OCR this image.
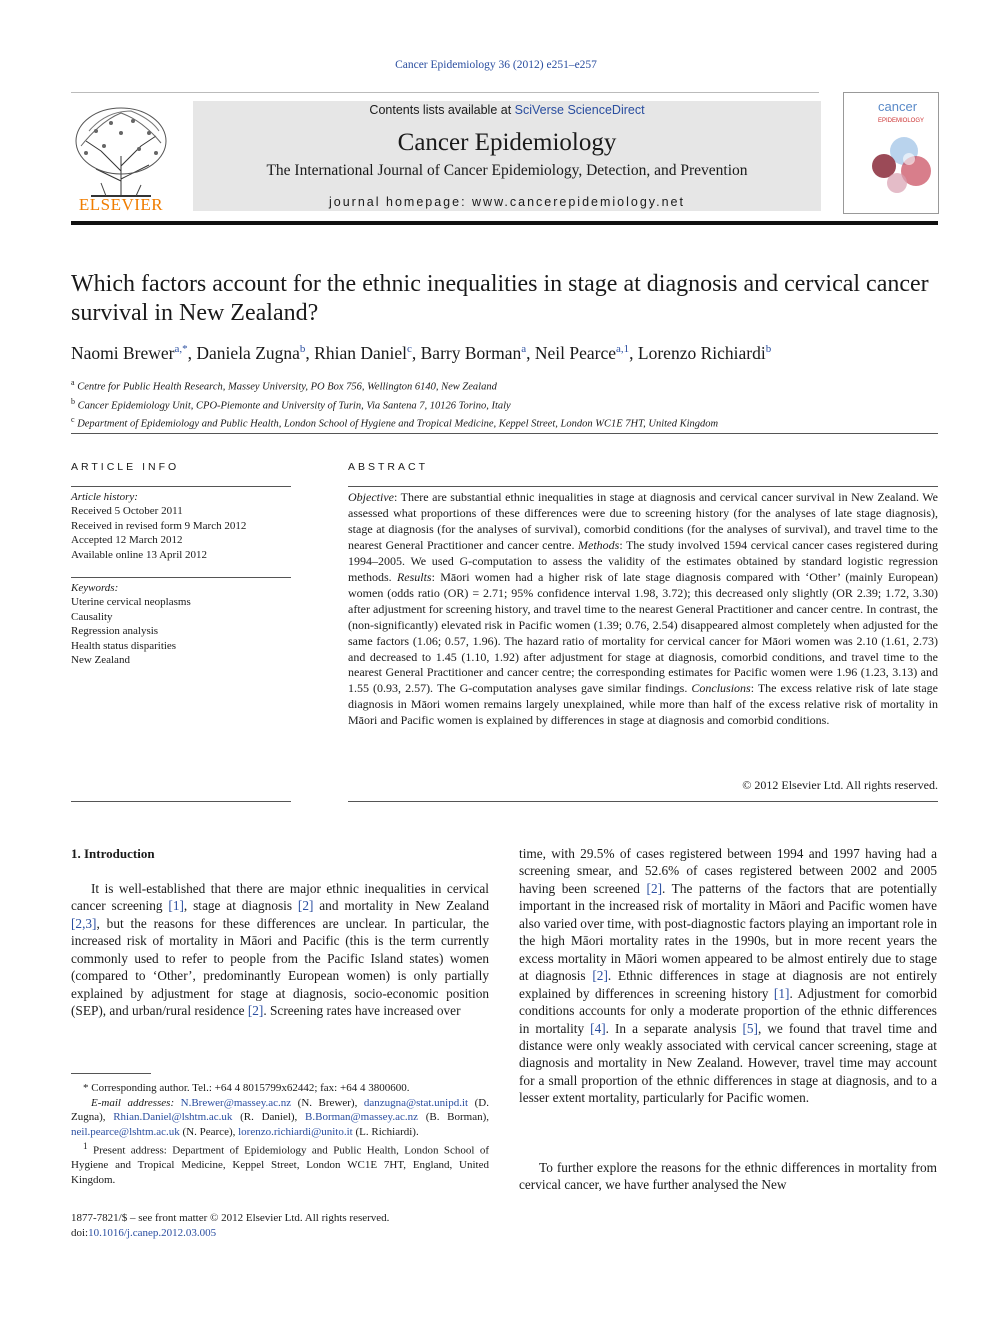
Cancer Epidemiology 36 (2012) e251–e257
ELSEVIER
Contents lists available at SciVerse ScienceDirect
Cancer Epidemiology
The International Journal of Cancer Epidemiology, Detection, and Prevention
journal homepage: www.cancerepidemiology.net
cancer
EPIDEMIOLOGY
Which factors account for the ethnic inequalities in stage at diagnosis and cervical cancer survival in New Zealand?
Naomi Brewer$^{a,*}$, Daniela Zugna$^b$, Rhian Daniel$^c$, Barry Borman$^a$, Neil Pearce$^{a,1}$, Lorenzo Richiardi$^b$
$^a$ Centre for Public Health Research, Massey University, PO Box 756, Wellington 6140, New Zealand
$^b$ Cancer Epidemiology Unit, CPO-Piemonte and University of Turin, Via Santena 7, 10126 Torino, Italy
$^c$ Department of Epidemiology and Public Health, London School of Hygiene and Tropical Medicine, Keppel Street, London WC1E 7HT, United Kingdom
ARTICLE INFO	ABSTRACT
Article history:
Received 5 October 2011
Received in revised form 9 March 2012
Accepted 12 March 2012
Available online 13 April 2012
Keywords:
Uterine cervical neoplasms
Causality
Regression analysis
Health status disparities
New Zealand
Objective: There are substantial ethnic inequalities in stage at diagnosis and cervical cancer survival in New Zealand. We assessed what proportions of these differences were due to screening history (for the analyses of late stage diagnosis), stage at diagnosis (for the analyses of survival), comorbid conditions (for the analyses of survival), and travel time to the nearest General Practitioner and cancer centre. Methods: The study involved 1594 cervical cancer cases registered during 1994–2005. We used G-computation to assess the validity of the estimates obtained by standard logistic regression methods. Results: Māori women had a higher risk of late stage diagnosis compared with ‘Other’ (mainly European) women (odds ratio (OR) = 2.71; 95% confidence interval 1.98, 3.72); this decreased only slightly (OR 2.39; 1.72, 3.30) after adjustment for screening history, and travel time to the nearest General Practitioner and cancer centre. In contrast, the (non-significantly) elevated risk in Pacific women (1.39; 0.76, 2.54) disappeared almost completely when adjusted for the same factors (1.06; 0.57, 1.96). The hazard ratio of mortality for cervical cancer for Māori women was 2.10 (1.61, 2.73) and decreased to 1.45 (1.10, 1.92) after adjustment for stage at diagnosis, comorbid conditions, and travel time to the nearest General Practitioner and cancer centre; the corresponding estimates for Pacific women were 1.96 (1.23, 3.13) and 1.55 (0.93, 2.57). The G-computation analyses gave similar findings. Conclusions: The excess relative risk of late stage diagnosis in Māori women remains largely unexplained, while more than half of the excess relative risk of mortality in Māori and Pacific women is explained by differences in stage at diagnosis and comorbid conditions.
© 2012 Elsevier Ltd. All rights reserved.
1. Introduction
It is well-established that there are major ethnic inequalities in cervical cancer screening [1], stage at diagnosis [2] and mortality in New Zealand [2,3], but the reasons for these differences are unclear. In particular, the increased risk of mortality in Māori and Pacific (this is the term currently commonly used to refer to people from the Pacific Island states) women (compared to ‘Other’, predominantly European women) is only partially explained by adjustment for stage at diagnosis, socio-economic position (SEP), and urban/rural residence [2]. Screening rates have increased over
time, with 29.5% of cases registered between 1994 and 1997 having had a screening smear, and 52.6% of cases registered between 2002 and 2005 having been screened [2]. The patterns of the factors that are potentially important in the increased risk of mortality in Māori and Pacific women have also varied over time, with post-diagnostic factors playing an important role in the high Māori mortality rates in the 1990s, but in more recent years the excess mortality in Māori women appeared to be almost entirely due to stage at diagnosis [2]. Ethnic differences in stage at diagnosis are not entirely explained by differences in screening history [1]. Adjustment for comorbid conditions accounts for only a moderate proportion of the ethnic differences in mortality [4]. In a separate analysis [5], we found that travel time and distance were only weakly associated with cervical cancer screening, stage at diagnosis and mortality in New Zealand. However, travel time may account for a small proportion of the ethnic differences in stage at diagnosis, and to a lesser extent mortality, particularly for Pacific women.
To further explore the reasons for the ethnic differences in mortality from cervical cancer, we have further analysed the New
* Corresponding author. Tel.: +64 4 8015799x62442; fax: +64 4 3800600.
E-mail addresses: N.Brewer@massey.ac.nz (N. Brewer), danzugna@stat.unipd.it (D. Zugna), Rhian.Daniel@lshtm.ac.uk (R. Daniel), B.Borman@massey.ac.nz (B. Borman), neil.pearce@lshtm.ac.uk (N. Pearce), lorenzo.richiardi@unito.it (L. Richiardi).
$^1$ Present address: Department of Epidemiology and Public Health, London School of Hygiene and Tropical Medicine, Keppel Street, London WC1E 7HT, England, United Kingdom.
1877-7821/$ – see front matter © 2012 Elsevier Ltd. All rights reserved.
doi:10.1016/j.canep.2012.03.005
